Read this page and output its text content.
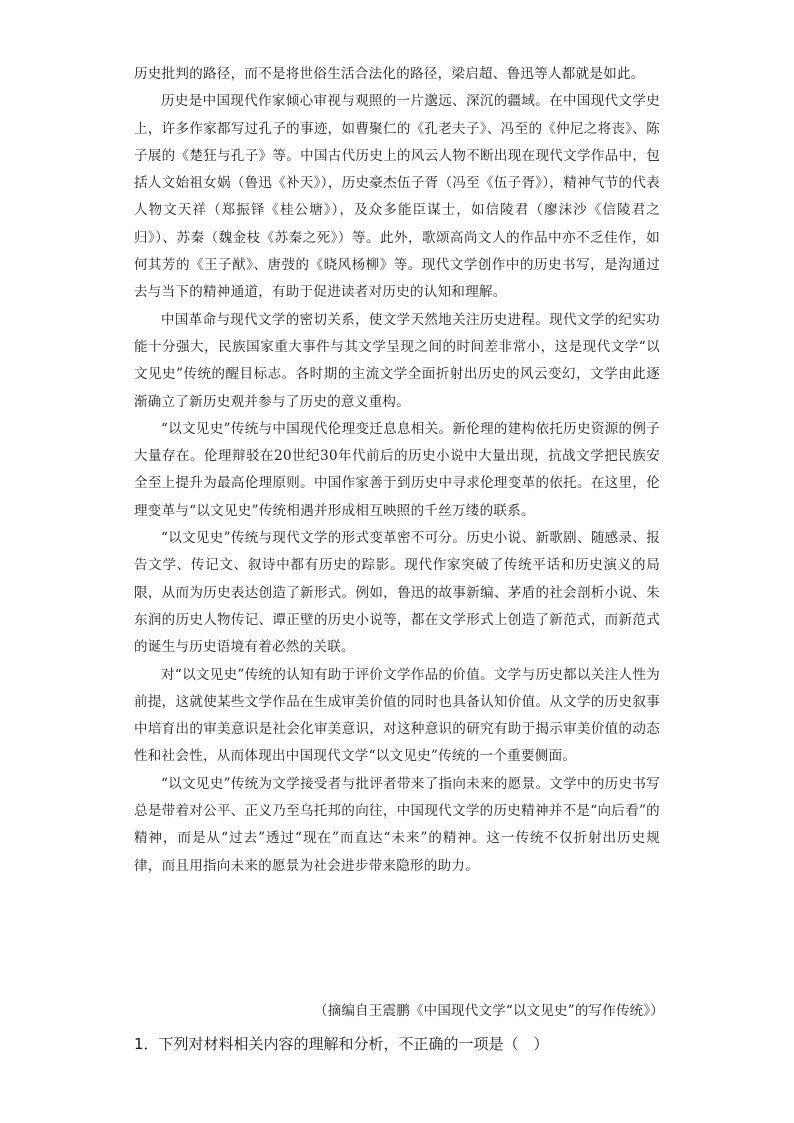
历史批判的路径，而不是将世俗生活合法化的路径，梁启超、鲁迅等人都就是如此。

历史是中国现代作家倾心审视与观照的一片邈远、深沉的疆域。在中国现代文学史上，许多作家都写过孔子的事迹，如曹聚仁的《孔老夫子》、冯至的《仲尼之将丧》、陈子展的《楚狂与孔子》等。中国古代历史上的风云人物不断出现在现代文学作品中，包括人文始祖女娲（鲁迅《补天》），历史豪杰伍子胥（冯至《伍子胥》），精神气节的代表人物文天祥（郑振铎《桂公塘》），及众多能臣谋士，如信陵君（廖沫沙《信陵君之归》）、苏秦（魏金枝《苏秦之死》）等。此外，歌颂高尚文人的作品中亦不乏佳作，如何其芳的《王子猷》、唐弢的《晓风杨柳》等。现代文学创作中的历史书写，是沟通过去与当下的精神通道，有助于促进读者对历史的认知和理解。

中国革命与现代文学的密切关系，使文学天然地关注历史进程。现代文学的纪实功能十分强大，民族国家重大事件与其文学呈现之间的时间差非常小，这是现代文学“以文见史”传统的醒目标志。各时期的主流文学全面折射出历史的风云变幻，文学由此逐渐确立了新历史观并参与了历史的意义重构。

“以文见史”传统与中国现代伦理变迁息息相关。新伦理的建构依托历史资源的例子大量存在。伦理辩驳在20世纪30年代前后的历史小说中大量出现，抗战文学把民族安全至上提升为最高伦理原则。中国作家善于到历史中寻求伦理变革的依托。在这里，伦理变革与“以文见史”传统相遇并形成相互映照的千丝万缕的联系。

“以文见史”传统与现代文学的形式变革密不可分。历史小说、新歌剧、随感录、报告文学、传记文、叙诗中都有历史的踪影。现代作家突破了传统平话和历史演义的局限，从而为历史表达创造了新形式。例如，鲁迅的故事新编、茅盾的社会剖析小说、朱东润的历史人物传记、谭正壁的历史小说等，都在文学形式上创造了新范式，而新范式的诞生与历史语境有着必然的关联。

对“以文见史”传统的认知有助于评价文学作品的价值。文学与历史都以关注人性为前提，这就使某些文学作品在生成审美价值的同时也具备认知价值。从文学的历史叙事中培育出的审美意识是社会化审美意识，对这种意识的研究有助于揭示审美价值的动态性和社会性，从而体现出中国现代文学“以文见史”传统的一个重要侧面。

“以文见史”传统为文学接受者与批评者带来了指向未来的愿景。文学中的历史书写总是带着对公平、正义乃至乌托邦的向往，中国现代文学的历史精神并不是“向后看”的精神，而是从“过去”透过“现在”而直达“未来”的精神。这一传统不仅折射出历史规律，而且用指向未来的愿景为社会进步带来隐形的助力。

（摘编自王震鹏《中国现代文学“以文见史”的写作传统》）
1．下列对材料相关内容的理解和分析，不正确的一项是（　）
